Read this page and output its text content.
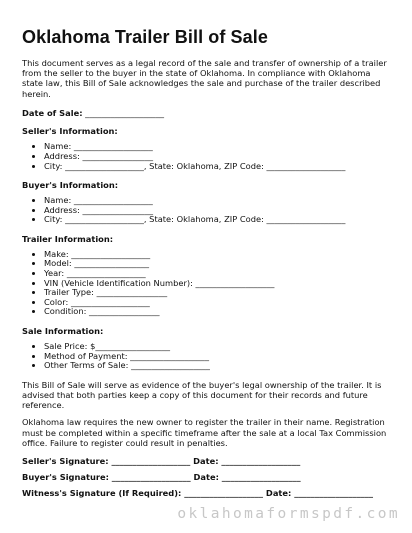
Oklahoma Trailer Bill of Sale

This document serves as a legal record of the sale and transfer of ownership of a trailer from the seller to the buyer in the state of Oklahoma. In compliance with Oklahoma state law, this Bill of Sale acknowledges the sale and purchase of the trailer described herein.

Date of Sale: ___________________
Seller's Information:
• Name: ___________________
• Address: _________________
• City: ___________________, State: Oklahoma, ZIP Code: ___________________
Buyer's Information:
• Name: ___________________
• Address: _________________
• City: ___________________, State: Oklahoma, ZIP Code: ___________________
Trailer Information:
• Make: ___________________
• Model: __________________
• Year: ___________________
• VIN (Vehicle Identification Number): ___________________
• Trailer Type: _________________
• Color: ___________________
• Condition: _________________
Sale Information:
• Sale Price: $__________________
• Method of Payment: ___________________
• Other Terms of Sale: ___________________

This Bill of Sale will serve as evidence of the buyer's legal ownership of the trailer. It is advised that both parties keep a copy of this document for their records and future reference.

Oklahoma law requires the new owner to register the trailer in their name. Registration must be completed within a specific timeframe after the sale at a local Tax Commission office. Failure to register could result in penalties.

Seller's Signature: ___________________ Date: ___________________
Buyer's Signature: ___________________ Date: ___________________
Witness's Signature (If Required): ___________________ Date: ___________________
oklahomaformspdf.com
